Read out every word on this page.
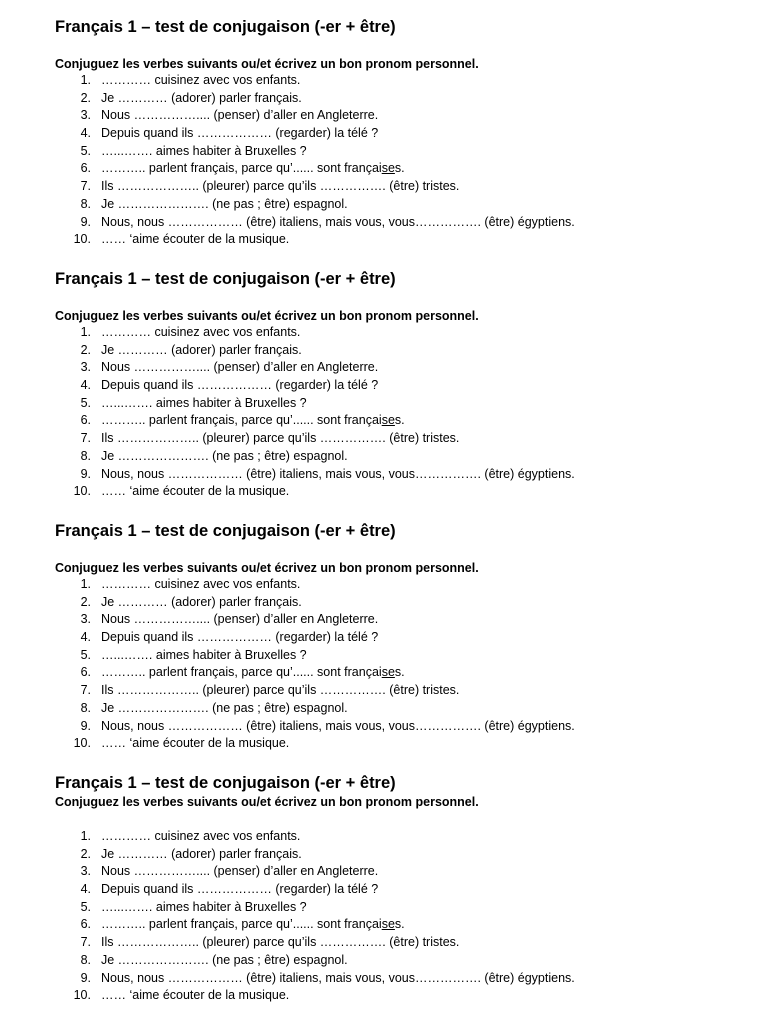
Français 1 – test de conjugaison (-er + être)

Conjuguez les verbes suivants ou/et écrivez un bon pronom personnel.

1. ………… cuisinez avec vos enfants.
2. Je ………… (adorer) parler français.
3. Nous …………….... (penser) d’aller en Angleterre.
4. Depuis quand ils ……………… (regarder) la télé ?
5. …...……. aimes habiter à Bruxelles ?
6. ……….. parlent français, parce qu’...... sont françaises.
7. Ils ……………….. (pleurer) parce qu’ils ……………. (être) tristes.
8. Je …………………. (ne pas ; être) espagnol.
9. Nous, nous ……………… (être) italiens, mais vous, vous……………. (être) égyptiens.
10. …… ‘aime écouter de la musique.
Français 1 – test de conjugaison (-er + être)

Conjuguez les verbes suivants ou/et écrivez un bon pronom personnel.

1. ………… cuisinez avec vos enfants.
2. Je ………… (adorer) parler français.
3. Nous …………….... (penser) d’aller en Angleterre.
4. Depuis quand ils ……………… (regarder) la télé ?
5. …...……. aimes habiter à Bruxelles ?
6. ……….. parlent français, parce qu’...... sont françaises.
7. Ils ……………….. (pleurer) parce qu’ils ……………. (être) tristes.
8. Je …………………. (ne pas ; être) espagnol.
9. Nous, nous ……………… (être) italiens, mais vous, vous……………. (être) égyptiens.
10. …… ‘aime écouter de la musique.
Français 1 – test de conjugaison (-er + être)

Conjuguez les verbes suivants ou/et écrivez un bon pronom personnel.

1. ………… cuisinez avec vos enfants.
2. Je ………… (adorer) parler français.
3. Nous …………….... (penser) d’aller en Angleterre.
4. Depuis quand ils ……………… (regarder) la télé ?
5. …...……. aimes habiter à Bruxelles ?
6. ……….. parlent français, parce qu’...... sont françaises.
7. Ils ……………….. (pleurer) parce qu’ils ……………. (être) tristes.
8. Je …………………. (ne pas ; être) espagnol.
9. Nous, nous ……………… (être) italiens, mais vous, vous……………. (être) égyptiens.
10. …… ‘aime écouter de la musique.
Français 1 – test de conjugaison (-er + être)

Conjuguez les verbes suivants ou/et écrivez un bon pronom personnel.

1. ………… cuisinez avec vos enfants.
2. Je ………… (adorer) parler français.
3. Nous …………….... (penser) d’aller en Angleterre.
4. Depuis quand ils ……………… (regarder) la télé ?
5. …...……. aimes habiter à Bruxelles ?
6. ……….. parlent français, parce qu’...... sont françaises.
7. Ils ……………….. (pleurer) parce qu’ils ……………. (être) tristes.
8. Je …………………. (ne pas ; être) espagnol.
9. Nous, nous ……………… (être) italiens, mais vous, vous……………. (être) égyptiens.
10. …… ‘aime écouter de la musique.
